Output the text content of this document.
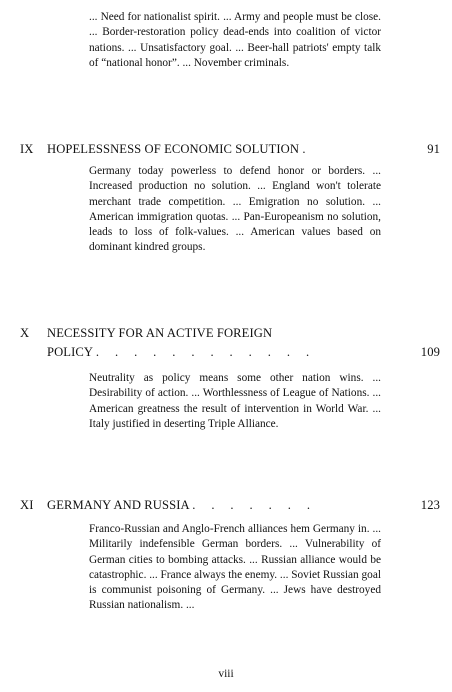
... Need for nationalist spirit. ... Army and people must be close. ... Border-restoration policy dead-ends into coalition of victor nations. ... Unsatisfactory goal. ... Beer-hall patriots' empty talk of “national honor”. ... November criminals.

IX HOPELESSNESS OF ECONOMIC SOLUTION .	91

Germany today powerless to defend honor or borders. ... Increased production no solution. ... England won't tolerate merchant trade competition. ... Emigration no solution. ... American immigration quotas. ... Pan-Europeanism no solution, leads to loss of folk-values. ... American values based on dominant kindred groups.

X NECESSITY FOR AN ACTIVE FOREIGN
POLICY . . . . . . . . . . . .	109

Neutrality as policy means some other nation wins. ... Desirability of action. ... Worthlessness of League of Nations. ... American greatness the result of intervention in World War. ... Italy justified in deserting Triple Alliance.

XI GERMANY AND RUSSIA . . . . . . .	123

Franco-Russian and Anglo-French alliances hem Germany in. ... Militarily indefensible German borders. ... Vulnerability of German cities to bombing attacks. ... Russian alliance would be catastrophic. ... France always the enemy. ... Soviet Russian goal is communist poisoning of Germany. ... Jews have destroyed Russian nationalism. ...

viii
